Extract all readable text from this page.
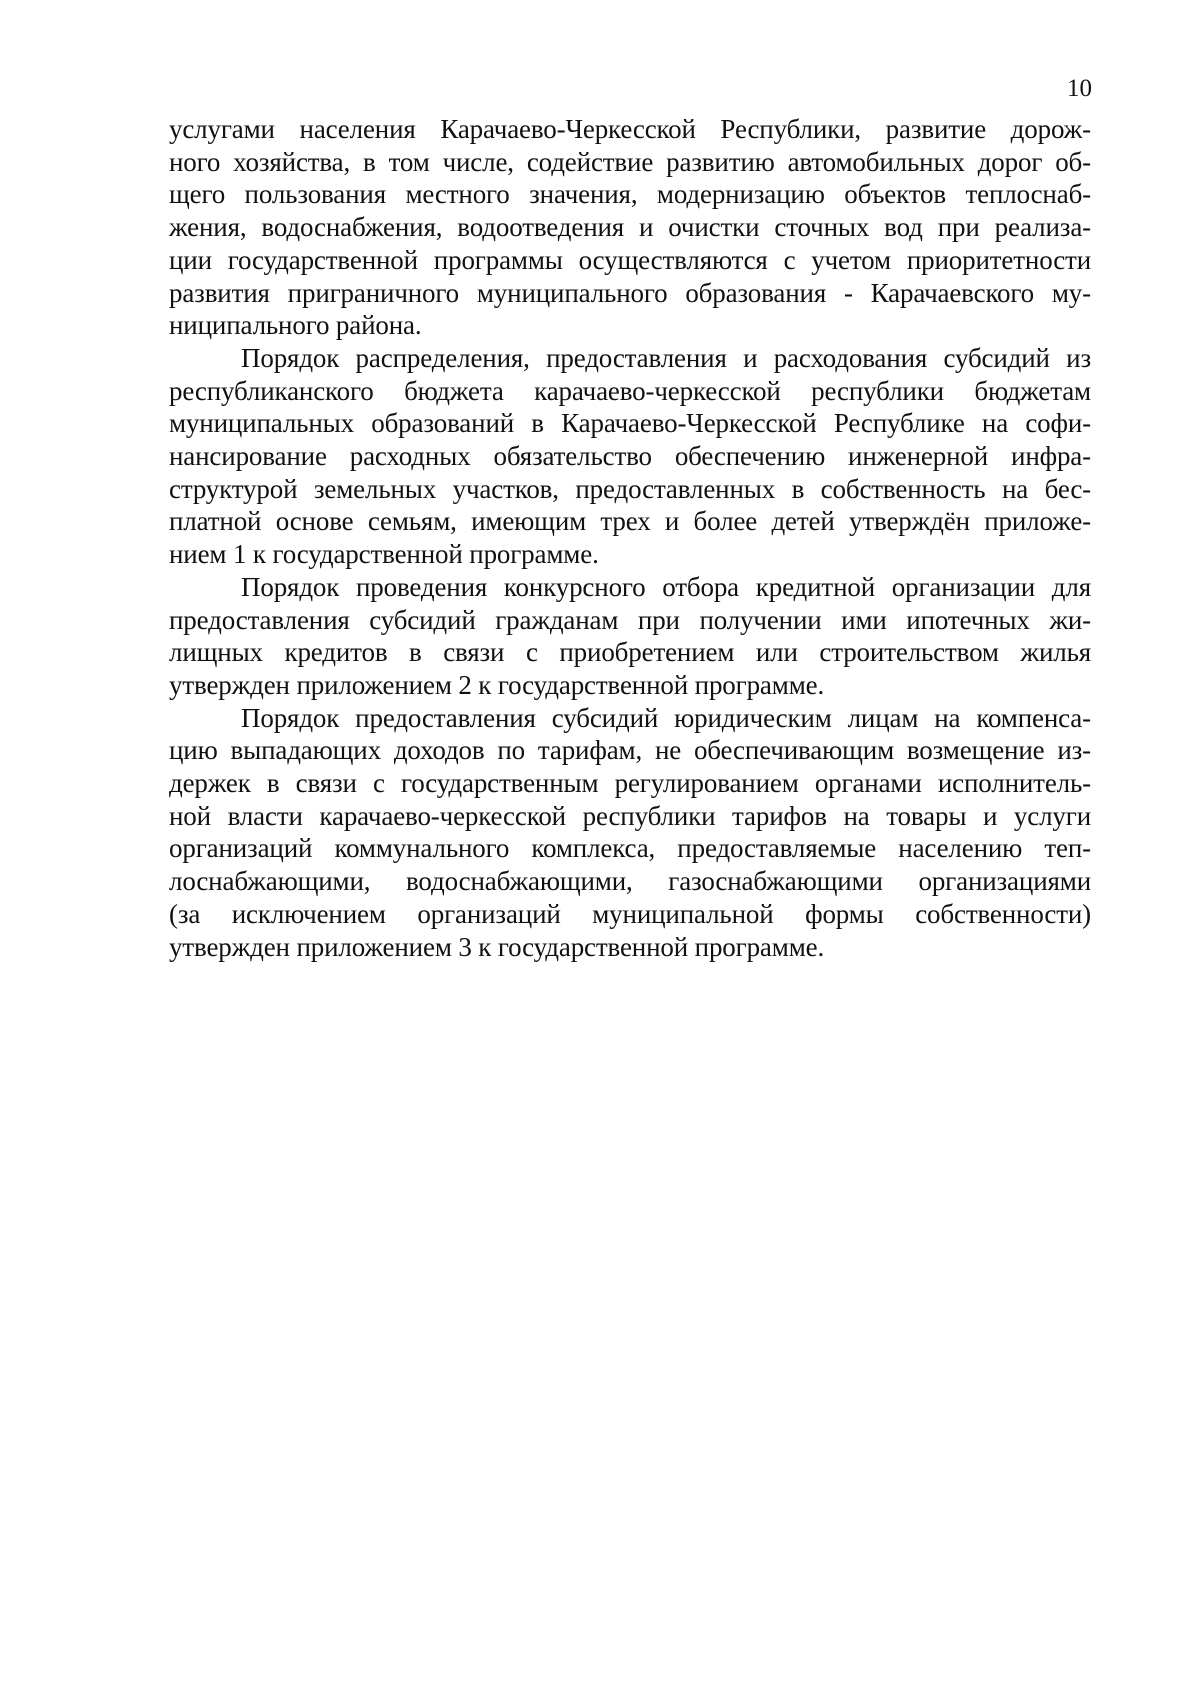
10
услугами населения Карачаево-Черкесской Республики, развитие дорож-
ного хозяйства, в том числе, содействие развитию автомобильных дорог об-
щего пользования местного значения, модернизацию объектов теплоснаб-
жения, водоснабжения, водоотведения и очистки сточных вод при реализа-
ции государственной программы осуществляются с учетом приоритетности
развития приграничного муниципального образования - Карачаевского му-
ниципального района.
Порядок распределения, предоставления и расходования субсидий из
республиканского бюджета карачаево-черкесской республики бюджетам
муниципальных образований в Карачаево-Черкесской Республике на софи-
нансирование расходных обязательство обеспечению инженерной инфра-
структурой земельных участков, предоставленных в собственность на бес-
платной основе семьям, имеющим трех и более детей утверждён приложе-
нием 1 к государственной программе.
Порядок проведения конкурсного отбора кредитной организации для
предоставления субсидий гражданам при получении ими ипотечных жи-
лищных кредитов в связи с приобретением или строительством жилья
утвержден приложением 2 к государственной программе.
Порядок предоставления субсидий юридическим лицам на компенса-
цию выпадающих доходов по тарифам, не обеспечивающим возмещение из-
держек в связи с государственным регулированием органами исполнитель-
ной власти карачаево-черкесской республики тарифов на товары и услуги
организаций коммунального комплекса, предоставляемые населению теп-
лоснабжающими, водоснабжающими, газоснабжающими организациями
(за исключением организаций муниципальной формы собственности)
утвержден приложением 3 к государственной программе.
